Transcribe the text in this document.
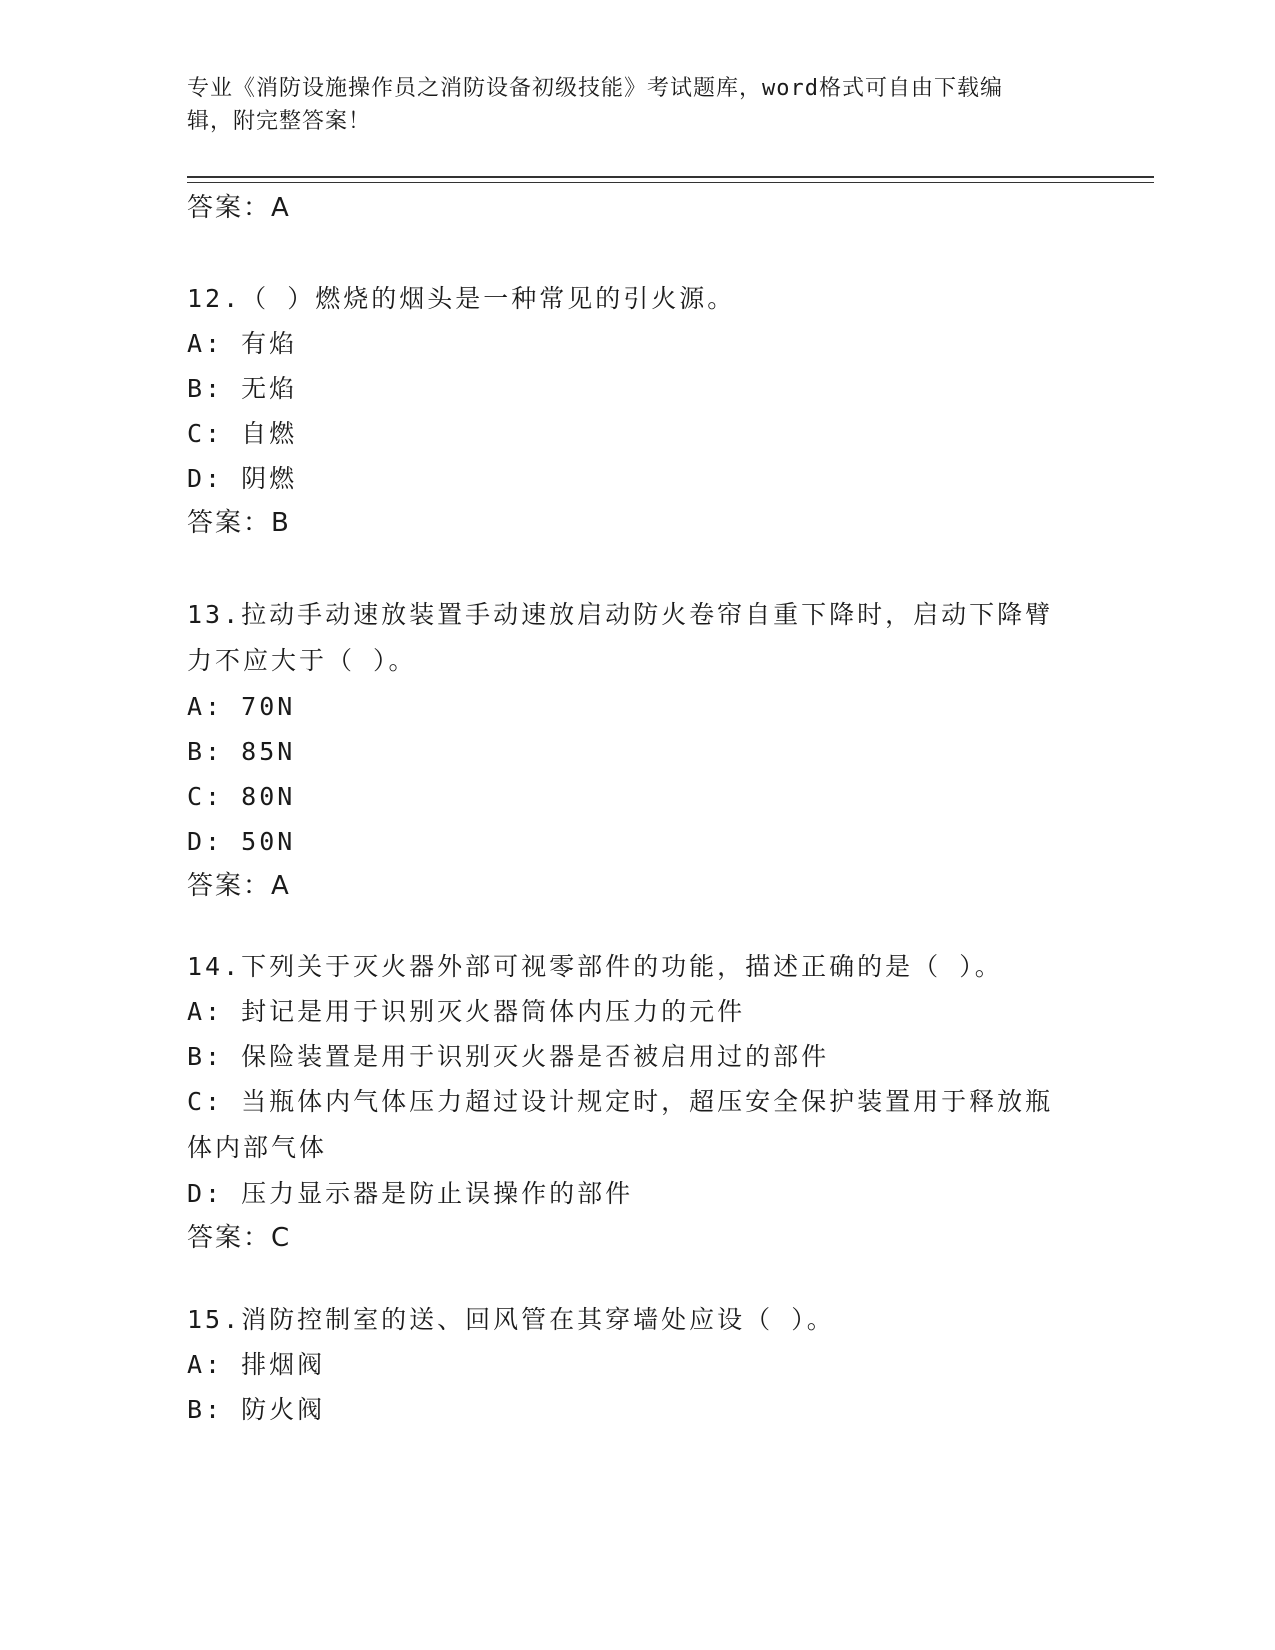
专业《消防设施操作员之消防设备初级技能》考试题库，word格式可自由下载编
辑，附完整答案！
答案：A
12.（ ）燃烧的烟头是一种常见的引火源。
A: 有焰
B: 无焰
C: 自燃
D: 阴燃
答案：B
13.拉动手动速放装置手动速放启动防火卷帘自重下降时，启动下降臂力不应大于（ ）。
A: 70N
B: 85N
C: 80N
D: 50N
答案：A
14.下列关于灭火器外部可视零部件的功能，描述正确的是（ ）。
A: 封记是用于识别灭火器筒体内压力的元件
B: 保险装置是用于识别灭火器是否被启用过的部件
C: 当瓶体内气体压力超过设计规定时，超压安全保护装置用于释放瓶体内部气体
D: 压力显示器是防止误操作的部件
答案：C
15.消防控制室的送、回风管在其穿墙处应设（ ）。
A: 排烟阀
B: 防火阀
